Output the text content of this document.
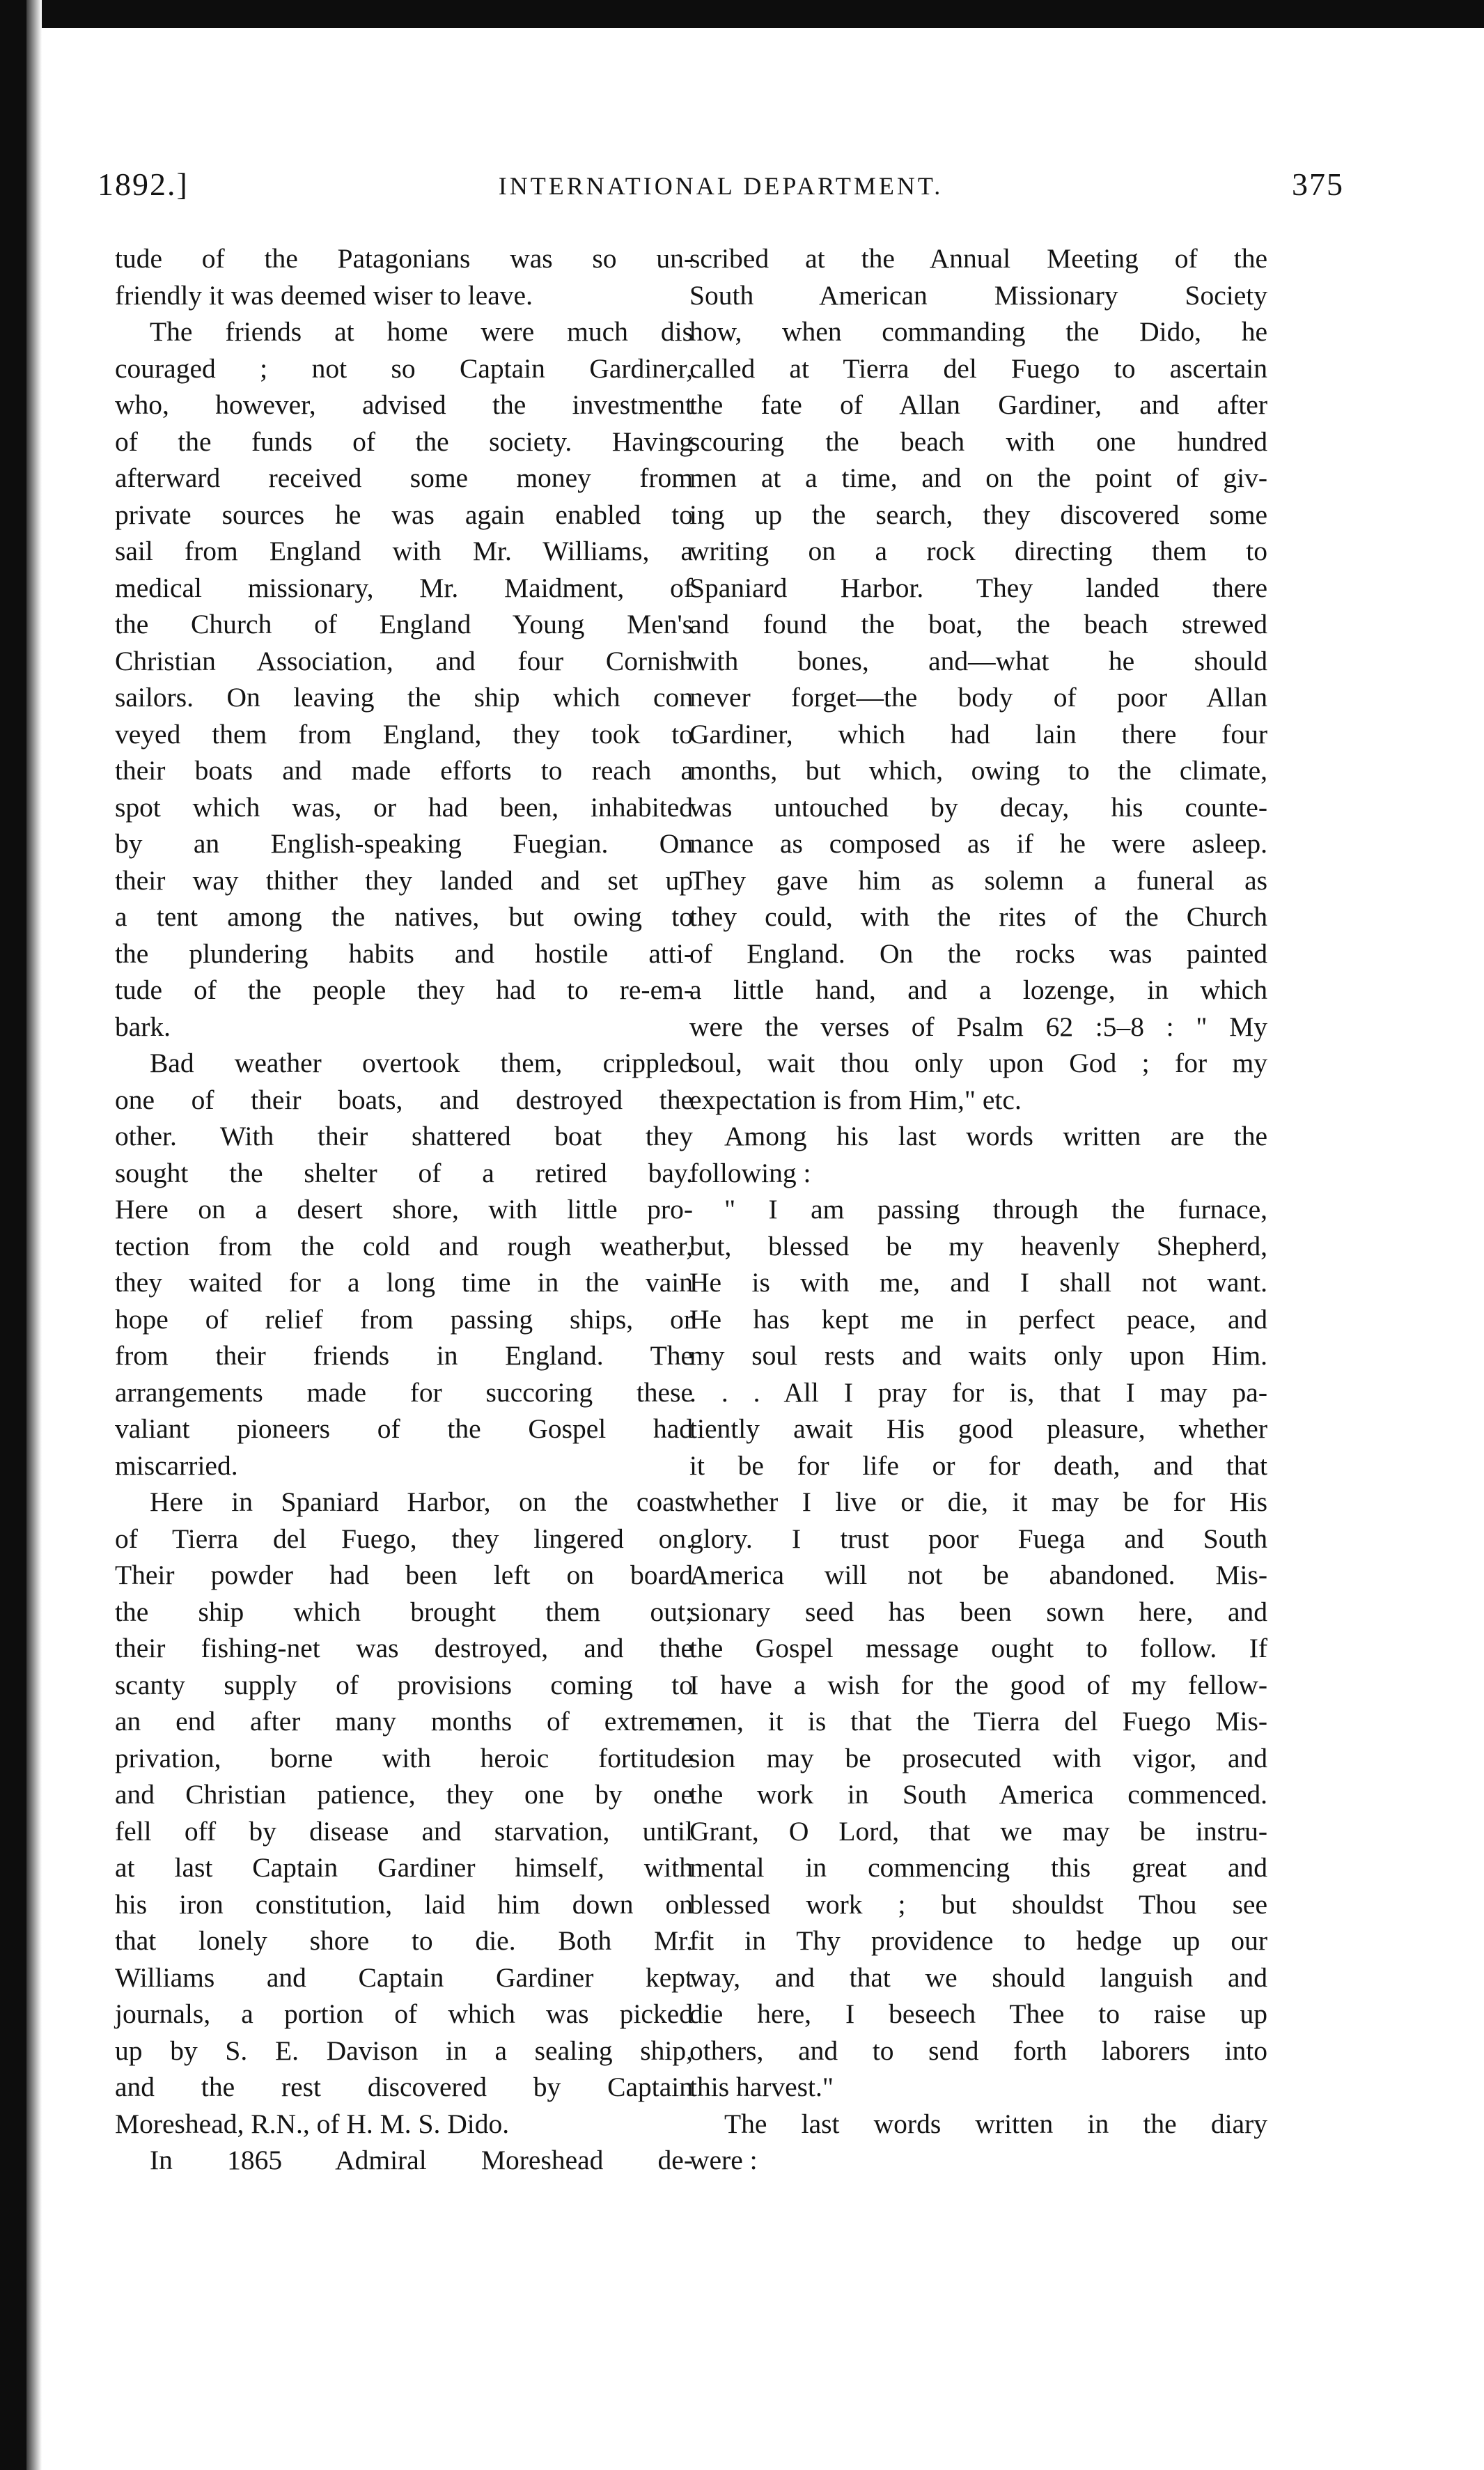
1892.]	INTERNATIONAL DEPARTMENT.	375
tude of the Patagonians was so un-
friendly it was deemed wiser to leave.
The friends at home were much dis
couraged ; not so Captain Gardiner,
who, however, advised the investment
of the funds of the society. Having
afterward received some money from
private sources he was again enabled to
sail from England with Mr. Williams, a
medical missionary, Mr. Maidment, of
the Church of England Young Men's
Christian Association, and four Cornish
sailors. On leaving the ship which con
veyed them from England, they took to
their boats and made efforts to reach a
spot which was, or had been, inhabited
by an English-speaking Fuegian. On
their way thither they landed and set up
a tent among the natives, but owing to
the plundering habits and hostile atti-
tude of the people they had to re-em-
bark.
Bad weather overtook them, crippled
one of their boats, and destroyed the
other. With their shattered boat they
sought the shelter of a retired bay.
Here on a desert shore, with little pro-
tection from the cold and rough weather,
they waited for a long time in the vain
hope of relief from passing ships, or
from their friends in England. The
arrangements made for succoring these
valiant pioneers of the Gospel had
miscarried.
Here in Spaniard Harbor, on the coast
of Tierra del Fuego, they lingered on.
Their powder had been left on board
the ship which brought them out;
their fishing-net was destroyed, and the
scanty supply of provisions coming to
an end after many months of extreme
privation, borne with heroic fortitude
and Christian patience, they one by one
fell off by disease and starvation, until
at last Captain Gardiner himself, with
his iron constitution, laid him down on
that lonely shore to die. Both Mr.
Williams and Captain Gardiner kept
journals, a portion of which was picked
up by S. E. Davison in a sealing ship,
and the rest discovered by Captain
Moreshead, R.N., of H. M. S. Dido.
In 1865 Admiral Moreshead de-
scribed at the Annual Meeting of the
South American Missionary Society
how, when commanding the Dido, he
called at Tierra del Fuego to ascertain
the fate of Allan Gardiner, and after
scouring the beach with one hundred
men at a time, and on the point of giv-
ing up the search, they discovered some
writing on a rock directing them to
Spaniard Harbor. They landed there
and found the boat, the beach strewed
with bones, and—what he should
never forget—the body of poor Allan
Gardiner, which had lain there four
months, but which, owing to the climate,
was untouched by decay, his counte-
nance as composed as if he were asleep.
They gave him as solemn a funeral as
they could, with the rites of the Church
of England. On the rocks was painted
a little hand, and a lozenge, in which
were the verses of Psalm 62 :5–8 : " My
soul, wait thou only upon God ; for my
expectation is from Him," etc.
Among his last words written are the
following :
" I am passing through the furnace,
but, blessed be my heavenly Shepherd,
He is with me, and I shall not want.
He has kept me in perfect peace, and
my soul rests and waits only upon Him.
. . . All I pray for is, that I may pa-
tiently await His good pleasure, whether
it be for life or for death, and that
whether I live or die, it may be for His
glory. I trust poor Fuega and South
America will not be abandoned. Mis-
sionary seed has been sown here, and
the Gospel message ought to follow. If
I have a wish for the good of my fellow-
men, it is that the Tierra del Fuego Mis-
sion may be prosecuted with vigor, and
the work in South America commenced.
Grant, O Lord, that we may be instru-
mental in commencing this great and
blessed work ; but shouldst Thou see
fit in Thy providence to hedge up our
way, and that we should languish and
die here, I beseech Thee to raise up
others, and to send forth laborers into
this harvest."
The last words written in the diary
were :
